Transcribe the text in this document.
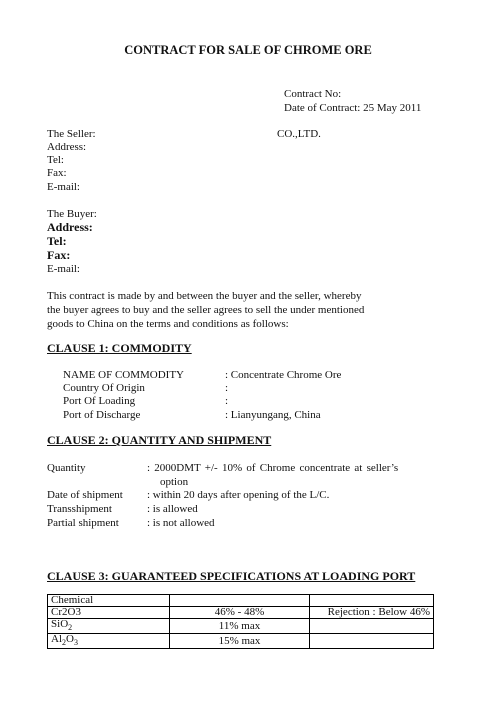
CONTRACT FOR SALE OF CHROME ORE
Contract No:
Date of Contract: 25 May 2011
The Seller:	CO.,LTD.
Address:
Tel:
Fax:
E-mail:
The Buyer:
Address:
Tel:
Fax:
E-mail:
This contract is made by and between the buyer and the seller, whereby
the buyer agrees to buy and the seller agrees to sell the under mentioned
goods to China on the terms and conditions as follows:
CLAUSE 1: COMMODITY
NAME OF COMMODITY	: Concentrate Chrome Ore
Country Of Origin	:
Port Of Loading	:
Port of Discharge	: Lianyungang, China
CLAUSE 2: QUANTITY AND SHIPMENT
Quantity	: 2000DMT +/- 10% of Chrome concentrate at seller’s
option
Date of shipment : within 20 days after opening of the L/C.
Transshipment	: is allowed
Partial shipment	: is not allowed
CLAUSE 3: GUARANTEED SPECIFICATIONS AT LOADING PORT
Chemical		
Cr2O3	46% - 48%	Rejection : Below 46%
SiO$_2$	11% max	
$Al_2O_3$	15% max	
